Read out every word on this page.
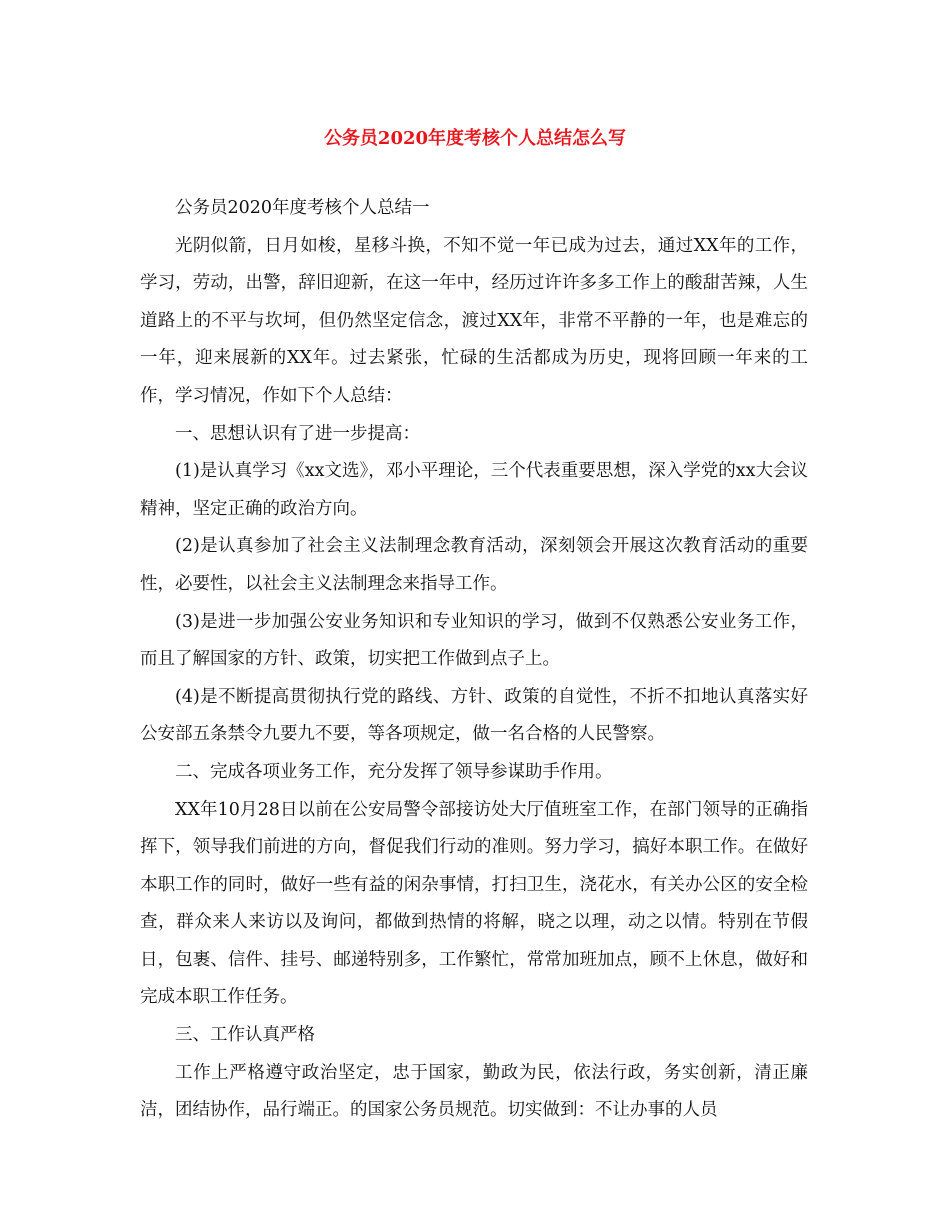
公务员2020年度考核个人总结怎么写

公务员2020年度考核个人总结一

光阴似箭，日月如梭，星移斗换，不知不觉一年已成为过去，通过XX年的工作，学习，劳动，出警，辞旧迎新，在这一年中，经历过许许多多工作上的酸甜苦辣，人生道路上的不平与坎坷，但仍然坚定信念，渡过XX年，非常不平静的一年，也是难忘的一年，迎来展新的XX年。过去紧张，忙碌的生活都成为历史，现将回顾一年来的工作，学习情况，作如下个人总结：

一、思想认识有了进一步提高：

(1)是认真学习《xx文选》，邓小平理论，三个代表重要思想，深入学党的xx大会议精神，坚定正确的政治方向。

(2)是认真参加了社会主义法制理念教育活动，深刻领会开展这次教育活动的重要性，必要性，以社会主义法制理念来指导工作。

(3)是进一步加强公安业务知识和专业知识的学习，做到不仅熟悉公安业务工作，而且了解国家的方针、政策，切实把工作做到点子上。

(4)是不断提高贯彻执行党的路线、方针、政策的自觉性，不折不扣地认真落实好公安部五条禁令九要九不要，等各项规定，做一名合格的人民警察。

二、完成各项业务工作，充分发挥了领导参谋助手作用。

XX年10月28日以前在公安局警令部接访处大厅值班室工作，在部门领导的正确指挥下，领导我们前进的方向，督促我们行动的准则。努力学习，搞好本职工作。在做好本职工作的同时，做好一些有益的闲杂事情，打扫卫生，浇花水，有关办公区的安全检查，群众来人来访以及询问，都做到热情的将解，晓之以理，动之以情。特别在节假日，包裹、信件、挂号、邮递特别多，工作繁忙，常常加班加点，顾不上休息，做好和完成本职工作任务。

三、工作认真严格

工作上严格遵守政治坚定，忠于国家，勤政为民，依法行政，务实创新，清正廉洁，团结协作，品行端正。的国家公务员规范。切实做到：不让办事的人员
